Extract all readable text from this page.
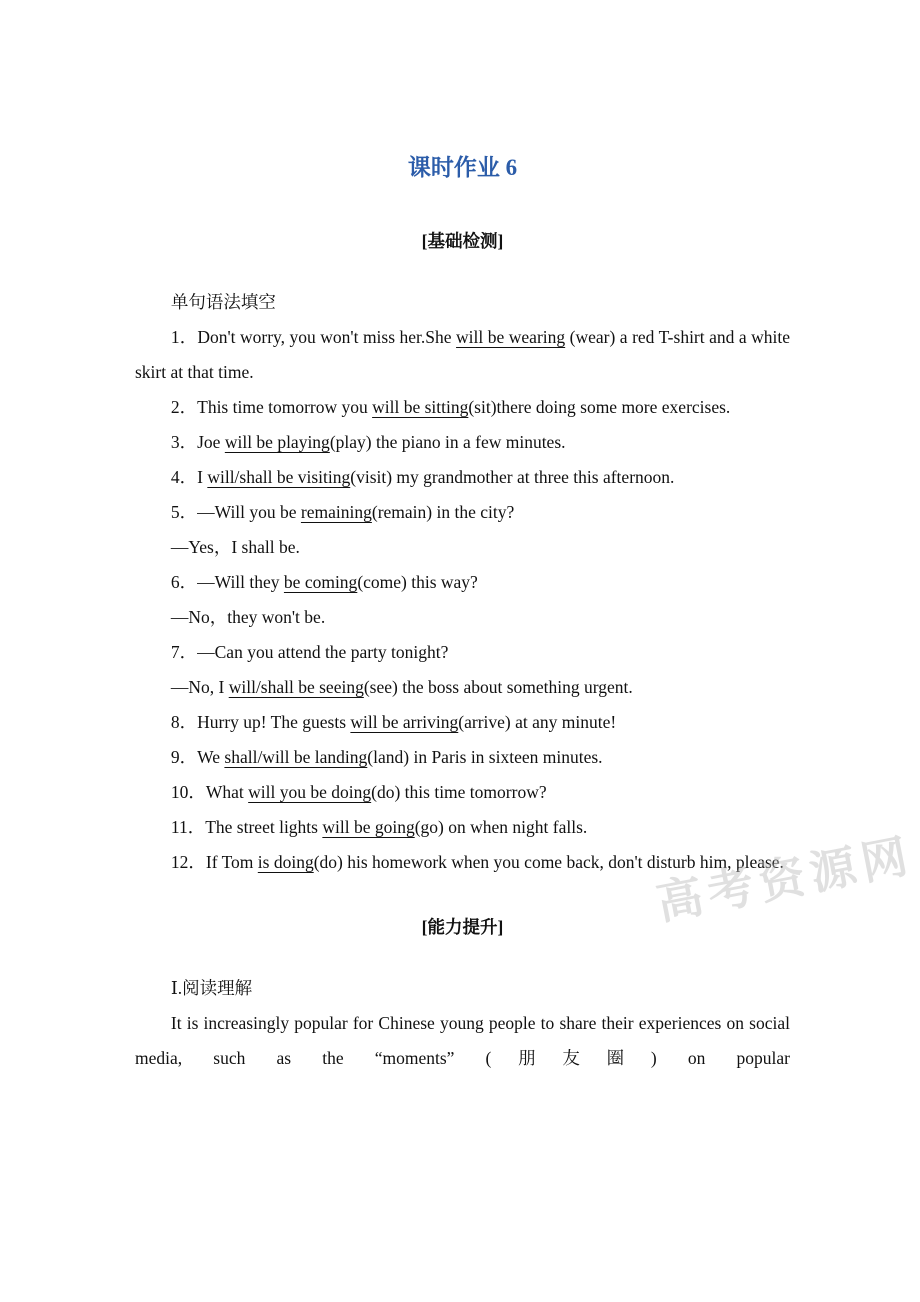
高考资源网
课时作业 6
[基础检测]

单句语法填空

1．Don't worry, you won't miss her.She will be wearing (wear) a red T-shirt and a white skirt at that time.

2．This time tomorrow you will be sitting(sit)there doing some more exercises.

3．Joe will be playing(play) the piano in a few minutes.

4．I will/shall be visiting(visit) my grandmother at three this afternoon.

5．—Will you be remaining(remain) in the city?

—Yes，I shall be.

6．—Will they be coming(come) this way?

—No，they won't be.

7．—Can you attend the party tonight?

—No, I will/shall be seeing(see) the boss about something urgent.

8．Hurry up! The guests will be arriving(arrive) at any minute!

9．We shall/will be landing(land) in Paris in sixteen minutes.

10．What will you be doing(do) this time tomorrow?

11．The street lights will be going(go) on when night falls.

12．If Tom is doing(do) his homework when you come back, don't disturb him, please.

[能力提升]

Ⅰ.阅读理解

It is increasingly popular for Chinese young people to share their experiences on social media, such as the “moments” (朋友圈) on popular
